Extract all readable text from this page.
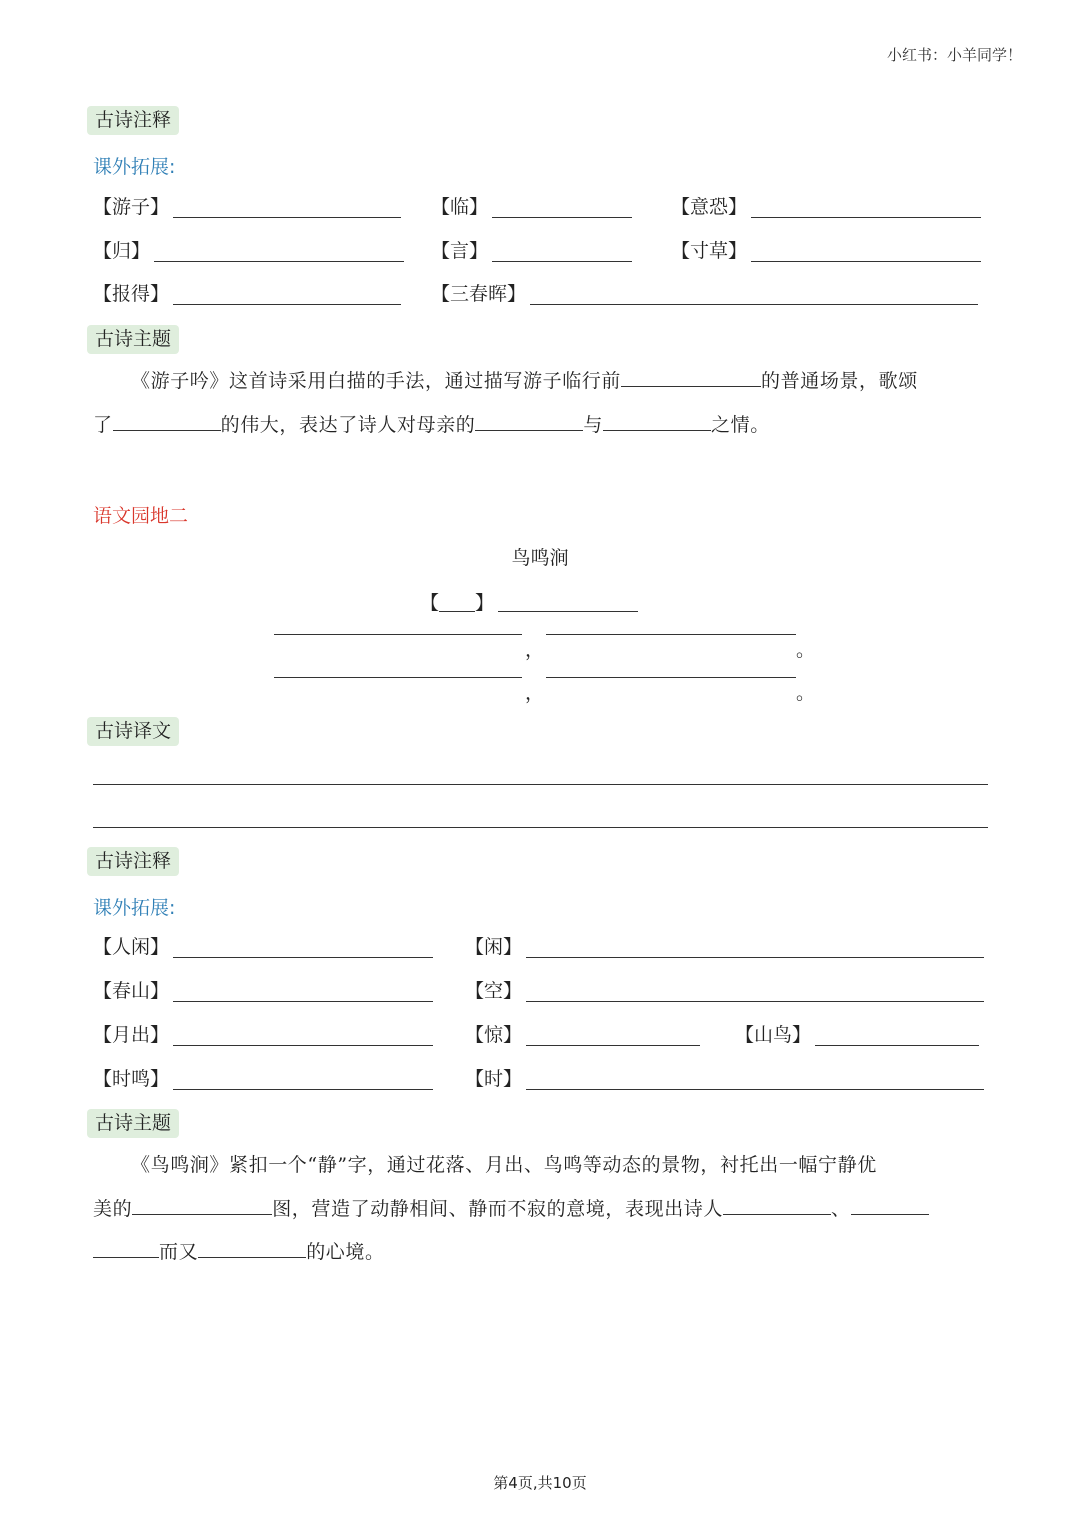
小红书：小羊同学！
古诗注释
课外拓展:
【游子】	【临】	【意恐】
【归】	【言】	【寸草】
【报得】	【三春晖】
古诗主题
《游子吟》这首诗采用白描的手法，通过描写游子临行前	的普通场景，歌颂
了	的伟大，表达了诗人对母亲的	与	之情。
语文园地二
鸟鸣涧
【 】
，	。
，	。
古诗译文
古诗注释
课外拓展:
【人闲】	【闲】
【春山】	【空】
【月出】	【惊】	【山鸟】
【时鸣】	【时】
古诗主题
《鸟鸣涧》紧扣一个“静”字，通过花落、月出、鸟鸣等动态的景物，衬托出一幅宁静优
美的	图，营造了动静相间、静而不寂的意境，表现出诗人	、
而又	的心境。
第4页,共10页
